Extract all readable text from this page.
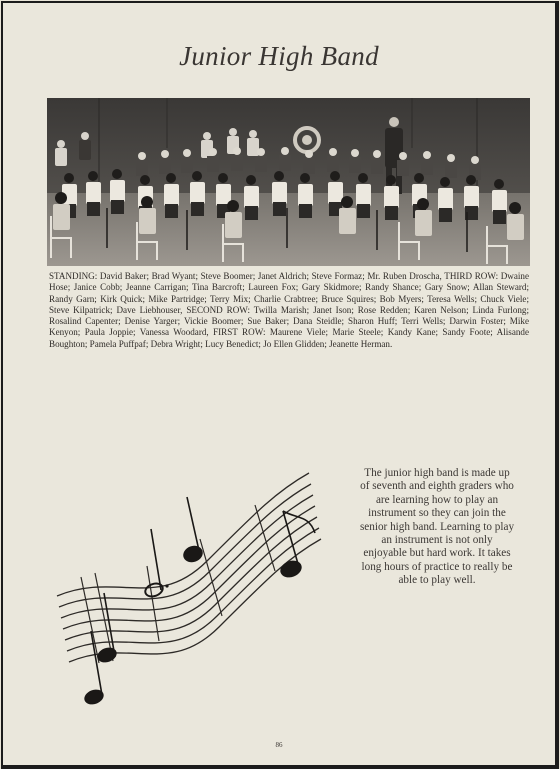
Junior High Band
STANDING: David Baker; Brad Wyant; Steve Boomer; Janet Aldrich; Steve Formaz; Mr. Ruben Droscha, THIRD ROW: Dwaine Hose; Janice Cobb; Jeanne Carrigan; Tina Barcroft; Laureen Fox; Gary Skidmore; Randy Shance; Gary Snow; Allan Steward; Randy Garn; Kirk Quick; Mike Partridge; Terry Mix; Charlie Crabtree; Bruce Squires; Bob Myers; Teresa Wells; Chuck Viele; Steve Kilpatrick; Dave Liebhouser, SECOND ROW: Twilla Marish; Janet Ison; Rose Redden; Karen Nelson; Linda Furlong; Rosalind Capenter; Denise Yarger; Vickie Boomer; Sue Baker; Dana Steidle; Sharon Huff; Terri Wells; Darwin Foster; Mike Kenyon; Paula Joppie; Vanessa Woodard, FIRST ROW: Maurene Viele; Marie Steele; Kandy Kane; Sandy Foote; Alisande Boughton; Pamela Puffpaf; Debra Wright; Lucy Benedict; Jo Ellen Glidden; Jeanette Herman.
The junior high band is made up of seventh and eighth graders who are learning how to play an instrument so they can join the senior high band. Learning to play an instrument is not only enjoyable but hard work. It takes long hours of practice to really be able to play well.
86
